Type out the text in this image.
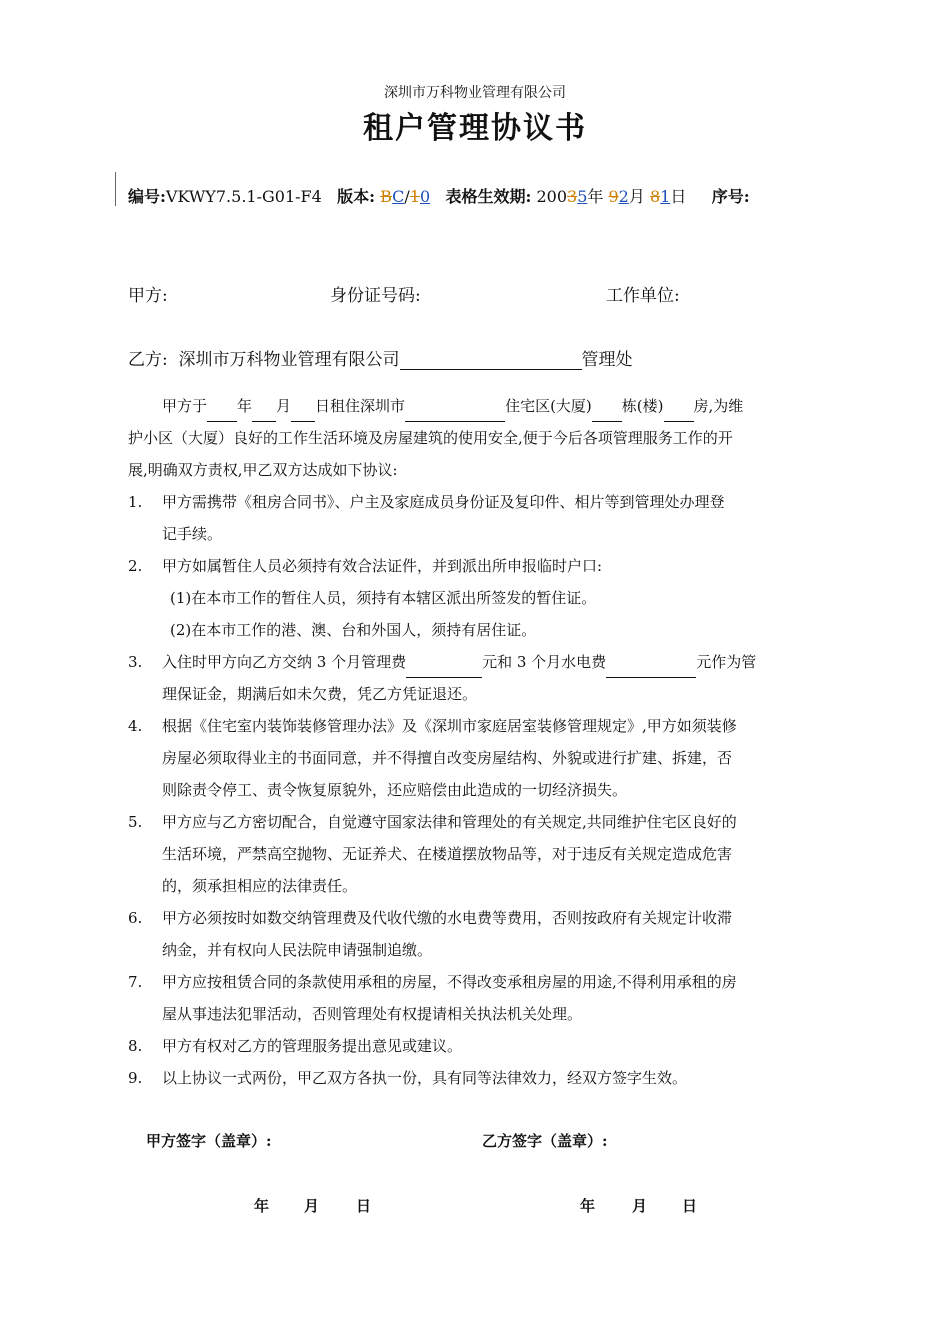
深圳市万科物业管理有限公司
租户管理协议书
编号:VKWY7.5.1-G01-F4 版本: BC/10 表格生效期: 20035年 92月 81日 序号:
甲方:	身份证号码:	工作单位:
乙方: 深圳市万科物业管理有限公司	管理处
甲方于 年 月 日租住深圳市	住宅区(大厦) 栋(楼) 房,为维
护小区（大厦）良好的工作生活环境及房屋建筑的使用安全,便于今后各项管理服务工作的开
展,明确双方责权,甲乙双方达成如下协议:
1. 甲方需携带《租房合同书》、户主及家庭成员身份证及复印件、相片等到管理处办理登
记手续。
2. 甲方如属暂住人员必须持有效合法证件，并到派出所申报临时户口:
(1)在本市工作的暂住人员，须持有本辖区派出所签发的暂住证。
(2)在本市工作的港、澳、台和外国人，须持有居住证。
3. 入住时甲方向乙方交纳 3 个月管理费	元和 3 个月水电费	元作为管
理保证金，期满后如未欠费，凭乙方凭证退还。
4. 根据《住宅室内装饰装修管理办法》及《深圳市家庭居室装修管理规定》,甲方如须装修
房屋必须取得业主的书面同意，并不得擅自改变房屋结构、外貌或进行扩建、拆建，否
则除责令停工、责令恢复原貌外，还应赔偿由此造成的一切经济损失。
5. 甲方应与乙方密切配合，自觉遵守国家法律和管理处的有关规定,共同维护住宅区良好的
生活环境，严禁高空抛物、无证养犬、在楼道摆放物品等，对于违反有关规定造成危害
的，须承担相应的法律责任。
6. 甲方必须按时如数交纳管理费及代收代缴的水电费等费用，否则按政府有关规定计收滞
纳金，并有权向人民法院申请强制追缴。
7. 甲方应按租赁合同的条款使用承租的房屋，不得改变承租房屋的用途,不得利用承租的房
屋从事违法犯罪活动，否则管理处有权提请相关执法机关处理。
8. 甲方有权对乙方的管理服务提出意见或建议。
9. 以上协议一式两份，甲乙双方各执一份，具有同等法律效力，经双方签字生效。
甲方签字（盖章）:	乙方签字（盖章）:
年 月 日	年 月 日
